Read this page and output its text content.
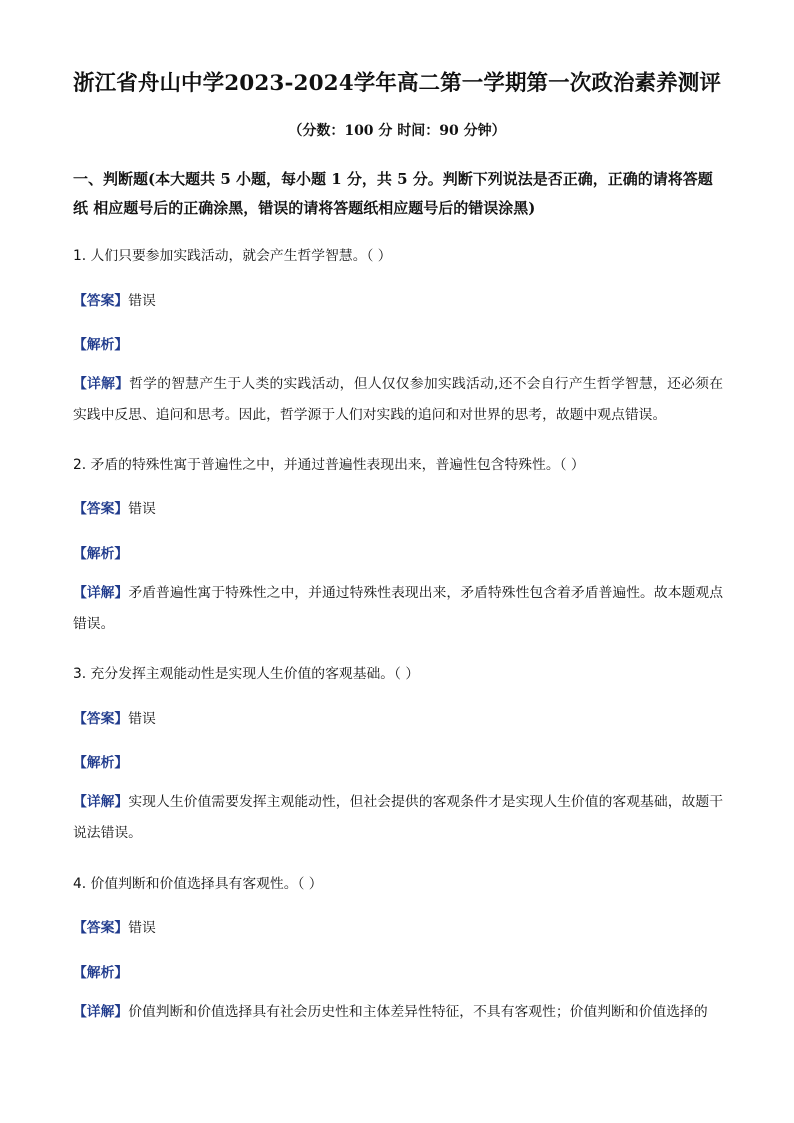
浙江省舟山中学2023-2024学年高二第一学期第一次政治素养测评
（分数：100 分 时间：90 分钟）
一、判断题(本大题共 5 小题，每小题 1 分，共 5 分。判断下列说法是否正确，正确的请将答题纸 相应题号后的正确涂黑，错误的请将答题纸相应题号后的错误涂黑)
1. 人们只要参加实践活动，就会产生哲学智慧。（ ）
【答案】错误
【解析】
【详解】哲学的智慧产生于人类的实践活动，但人仅仅参加实践活动,还不会自行产生哲学智慧，还必须在实践中反思、追问和思考。因此，哲学源于人们对实践的追问和对世界的思考，故题中观点错误。
2. 矛盾的特殊性寓于普遍性之中，并通过普遍性表现出来，普遍性包含特殊性。（ ）
【答案】错误
【解析】
【详解】矛盾普遍性寓于特殊性之中，并通过特殊性表现出来，矛盾特殊性包含着矛盾普遍性。故本题观点错误。
3. 充分发挥主观能动性是实现人生价值的客观基础。（ ）
【答案】错误
【解析】
【详解】实现人生价值需要发挥主观能动性，但社会提供的客观条件才是实现人生价值的客观基础，故题干说法错误。
4. 价值判断和价值选择具有客观性。（ ）
【答案】错误
【解析】
【详解】价值判断和价值选择具有社会历史性和主体差异性特征，不具有客观性；价值判断和价值选择的
